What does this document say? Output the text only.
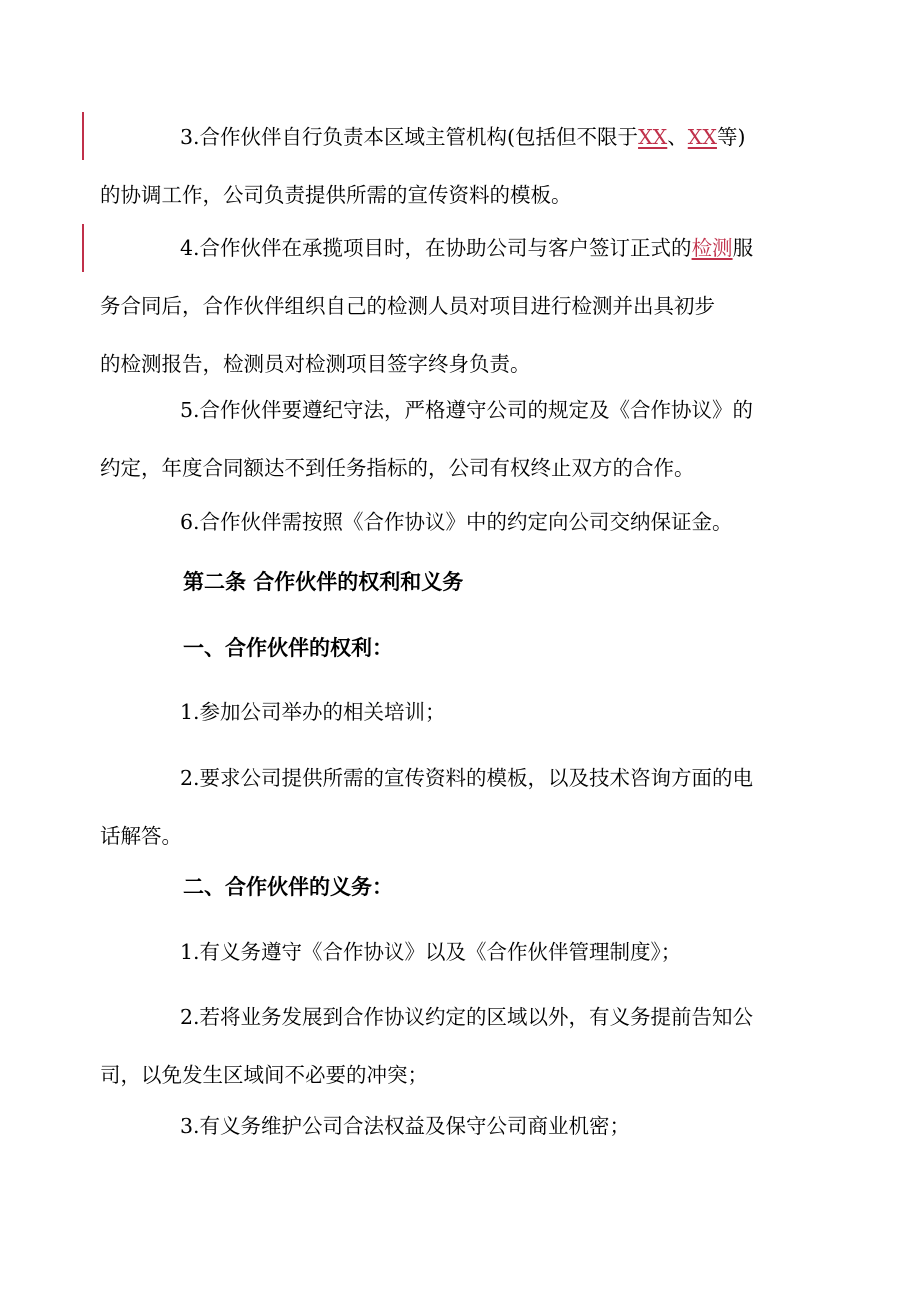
3.合作伙伴自行负责本区域主管机构(包括但不限于XX、XX等)
的协调工作，公司负责提供所需的宣传资料的模板。
4.合作伙伴在承揽项目时，在协助公司与客户签订正式的检测服
务合同后，合作伙伴组织自己的检测人员对项目进行检测并出具初步
的检测报告，检测员对检测项目签字终身负责。
5.合作伙伴要遵纪守法，严格遵守公司的规定及《合作协议》的
约定，年度合同额达不到任务指标的，公司有权终止双方的合作。
6.合作伙伴需按照《合作协议》中的约定向公司交纳保证金。

第二条 合作伙伴的权利和义务

一、合作伙伴的权利：

1.参加公司举办的相关培训；
2.要求公司提供所需的宣传资料的模板，以及技术咨询方面的电
话解答。

二、合作伙伴的义务：

1.有义务遵守《合作协议》以及《合作伙伴管理制度》；
2.若将业务发展到合作协议约定的区域以外，有义务提前告知公
司，以免发生区域间不必要的冲突；
3.有义务维护公司合法权益及保守公司商业机密；
